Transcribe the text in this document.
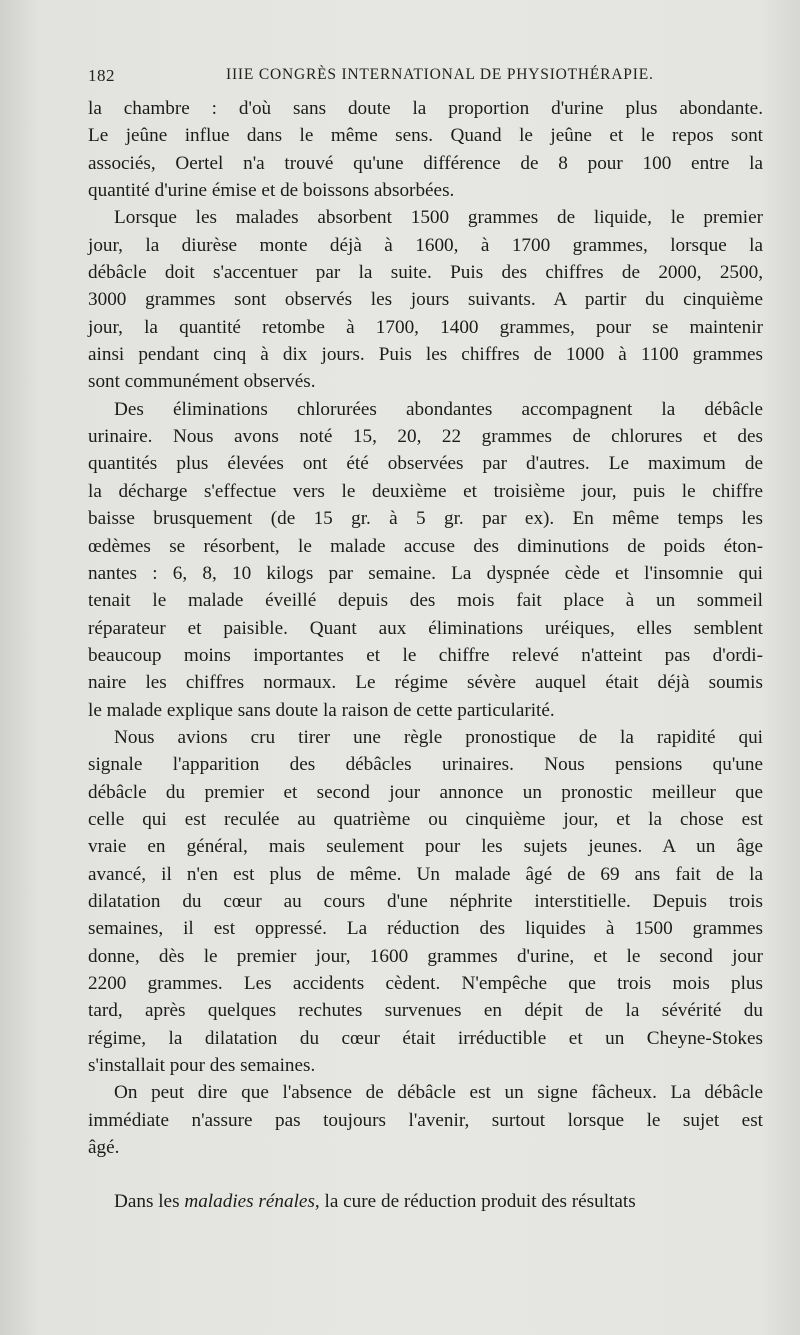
182	IIIE CONGRÈS INTERNATIONAL DE PHYSIOTHÉRAPIE.
la chambre : d'où sans doute la proportion d'urine plus abondante.
Le jeûne influe dans le même sens. Quand le jeûne et le repos sont
associés, Oertel n'a trouvé qu'une différence de 8 pour 100 entre la
quantité d'urine émise et de boissons absorbées.
Lorsque les malades absorbent 1500 grammes de liquide, le premier
jour, la diurèse monte déjà à 1600, à 1700 grammes, lorsque la
débâcle doit s'accentuer par la suite. Puis des chiffres de 2000, 2500,
3000 grammes sont observés les jours suivants. A partir du cinquième
jour, la quantité retombe à 1700, 1400 grammes, pour se maintenir
ainsi pendant cinq à dix jours. Puis les chiffres de 1000 à 1100 grammes
sont communément observés.
Des éliminations chlorurées abondantes accompagnent la débâcle
urinaire. Nous avons noté 15, 20, 22 grammes de chlorures et des
quantités plus élevées ont été observées par d'autres. Le maximum de
la décharge s'effectue vers le deuxième et troisième jour, puis le chiffre
baisse brusquement (de 15 gr. à 5 gr. par ex). En même temps les
œdèmes se résorbent, le malade accuse des diminutions de poids éton-
nantes : 6, 8, 10 kilogs par semaine. La dyspnée cède et l'insomnie qui
tenait le malade éveillé depuis des mois fait place à un sommeil
réparateur et paisible. Quant aux éliminations uréiques, elles semblent
beaucoup moins importantes et le chiffre relevé n'atteint pas d'ordi-
naire les chiffres normaux. Le régime sévère auquel était déjà soumis
le malade explique sans doute la raison de cette particularité.
Nous avions cru tirer une règle pronostique de la rapidité qui
signale l'apparition des débâcles urinaires. Nous pensions qu'une
débâcle du premier et second jour annonce un pronostic meilleur que
celle qui est reculée au quatrième ou cinquième jour, et la chose est
vraie en général, mais seulement pour les sujets jeunes. A un âge
avancé, il n'en est plus de même. Un malade âgé de 69 ans fait de la
dilatation du cœur au cours d'une néphrite interstitielle. Depuis trois
semaines, il est oppressé. La réduction des liquides à 1500 grammes
donne, dès le premier jour, 1600 grammes d'urine, et le second jour
2200 grammes. Les accidents cèdent. N'empêche que trois mois plus
tard, après quelques rechutes survenues en dépit de la sévérité du
régime, la dilatation du cœur était irréductible et un Cheyne-Stokes
s'installait pour des semaines.
On peut dire que l'absence de débâcle est un signe fâcheux. La débâcle
immédiate n'assure pas toujours l'avenir, surtout lorsque le sujet est
âgé.
Dans les maladies rénales, la cure de réduction produit des résultats
